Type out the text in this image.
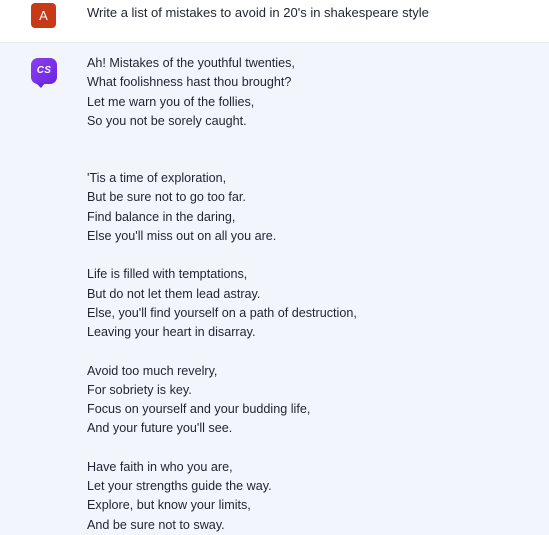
A	Write a list of mistakes to avoid in 20's in shakespeare style
CS
Ah! Mistakes of the youthful twenties,
What foolishness hast thou brought?
Let me warn you of the follies,
So you not be sorely caught.
'Tis a time of exploration,
But be sure not to go too far.
Find balance in the daring,
Else you'll miss out on all you are.
Life is filled with temptations,
But do not let them lead astray.
Else, you'll find yourself on a path of destruction,
Leaving your heart in disarray.
Avoid too much revelry,
For sobriety is key.
Focus on yourself and your budding life,
And your future you'll see.
Have faith in who you are,
Let your strengths guide the way.
Explore, but know your limits,
And be sure not to sway.
